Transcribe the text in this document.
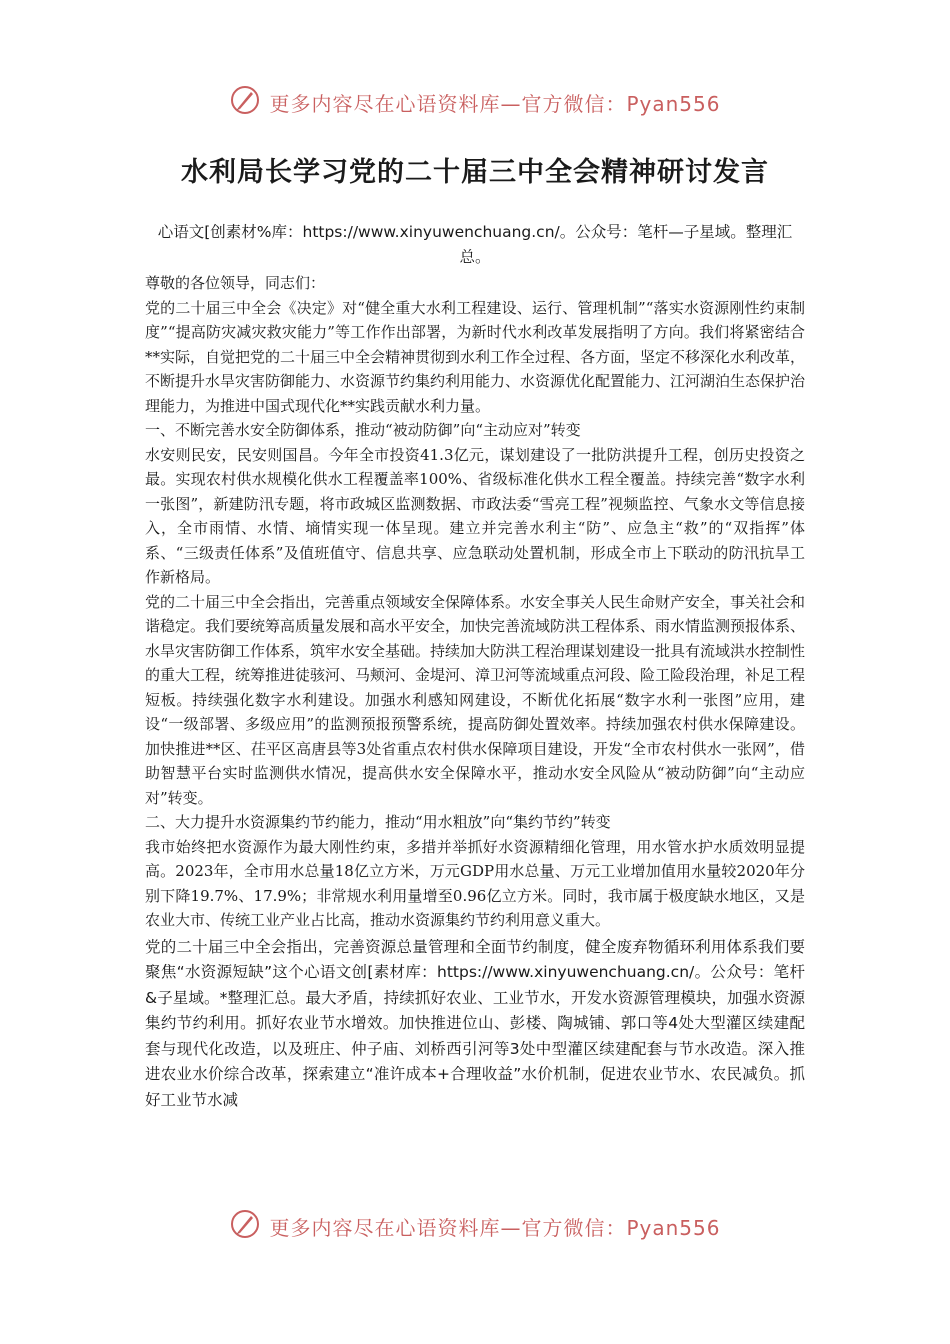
更多内容尽在心语资料库—官方微信：Pyan556
水利局长学习党的二十届三中全会精神研讨发言
心语文[创素材%库：https://www.xinyuwenchuang.cn/。公众号：笔杆—子星域。整理汇总。

尊敬的各位领导，同志们：

党的二十届三中全会《决定》对“健全重大水利工程建设、运行、管理机制”“落实水资源刚性约束制度”“提高防灾减灾救灾能力”等工作作出部署，为新时代水利改革发展指明了方向。我们将紧密结合**实际，自觉把党的二十届三中全会精神贯彻到水利工作全过程、各方面，坚定不移深化水利改革，不断提升水旱灾害防御能力、水资源节约集约利用能力、水资源优化配置能力、江河湖泊生态保护治理能力，为推进中国式现代化**实践贡献水利力量。

一、不断完善水安全防御体系，推动“被动防御”向“主动应对”转变

水安则民安，民安则国昌。今年全市投资41.3亿元，谋划建设了一批防洪提升工程，创历史投资之最。实现农村供水规模化供水工程覆盖率100%、省级标准化供水工程全覆盖。持续完善“数字水利一张图”，新建防汛专题，将市政城区监测数据、市政法委“雪亮工程”视频监控、气象水文等信息接入，全市雨情、水情、墒情实现一体呈现。建立并完善水利主“防”、应急主“救”的“双指挥”体系、“三级责任体系”及值班值守、信息共享、应急联动处置机制，形成全市上下联动的防汛抗旱工作新格局。

党的二十届三中全会指出，完善重点领域安全保障体系。水安全事关人民生命财产安全，事关社会和谐稳定。我们要统筹高质量发展和高水平安全，加快完善流域防洪工程体系、雨水情监测预报体系、水旱灾害防御工作体系，筑牢水安全基础。持续加大防洪工程治理谋划建设一批具有流域洪水控制性的重大工程，统筹推进徒骇河、马颊河、金堤河、漳卫河等流域重点河段、险工险段治理，补足工程短板。持续强化数字水利建设。加强水利感知网建设，不断优化拓展“数字水利一张图”应用，建设“一级部署、多级应用”的监测预报预警系统，提高防御处置效率。持续加强农村供水保障建设。加快推进**区、茌平区高唐县等3处省重点农村供水保障项目建设，开发“全市农村供水一张网”，借助智慧平台实时监测供水情况，提高供水安全保障水平，推动水安全风险从“被动防御”向“主动应对”转变。

二、大力提升水资源集约节约能力，推动“用水粗放”向“集约节约”转变

我市始终把水资源作为最大刚性约束，多措并举抓好水资源精细化管理，用水管水护水质效明显提高。2023年，全市用水总量18亿立方米，万元GDP用水总量、万元工业增加值用水量较2020年分别下降19.7%、17.9%；非常规水利用量增至0.96亿立方米。同时，我市属于极度缺水地区，又是农业大市、传统工业产业占比高，推动水资源集约节约利用意义重大。

党的二十届三中全会指出，完善资源总量管理和全面节约制度，健全废弃物循环利用体系我们要聚焦“水资源短缺”这个心语文创[素材库：https://www.xinyuwenchuang.cn/。公众号：笔杆&子星域。*整理汇总。最大矛盾，持续抓好农业、工业节水，开发水资源管理模块，加强水资源集约节约利用。抓好农业节水增效。加快推进位山、彭楼、陶城铺、郭口等4处大型灌区续建配套与现代化改造，以及班庄、仲子庙、刘桥西引河等3处中型灌区续建配套与节水改造。深入推进农业水价综合改革，探索建立“准许成本+合理收益”水价机制，促进农业节水、农民减负。抓好工业节水减

更多内容尽在心语资料库—官方微信：Pyan556
